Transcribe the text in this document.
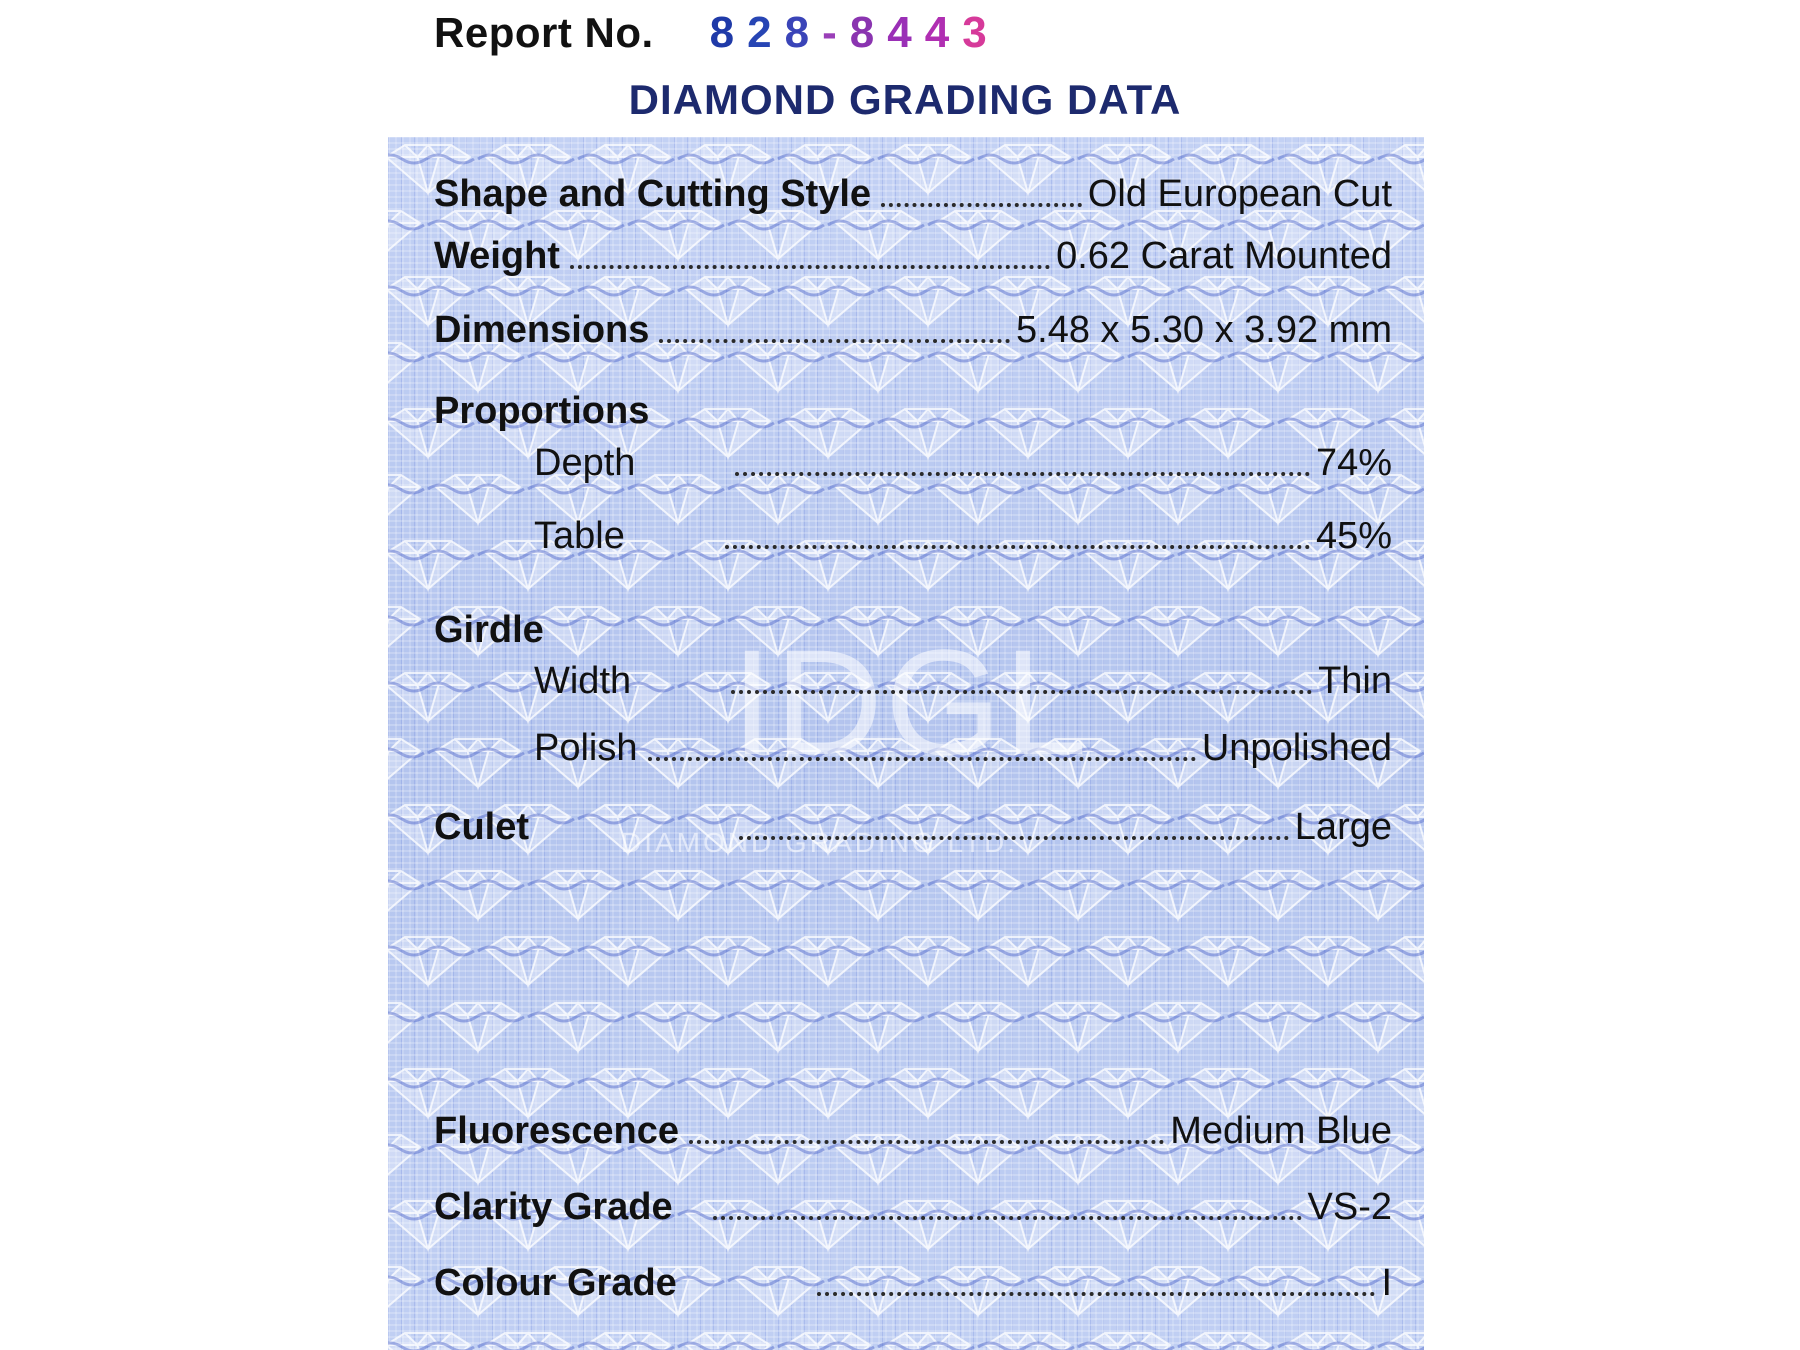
Report No. 8 2 8 - 8 4 4 3
DIAMOND GRADING DATA
IDGL
DIAMOND GRADING LTD.
Shape and Cutting Style	Old European Cut
Weight	0.62 Carat Mounted
Dimensions	5.48 x 5.30 x 3.92 mm
Proportions
Depth	74%
Table	45%
Girdle
Width	Thin
Polish	Unpolished
Culet	Large
Fluorescence	Medium Blue
Clarity Grade	VS-2
Colour Grade	I
